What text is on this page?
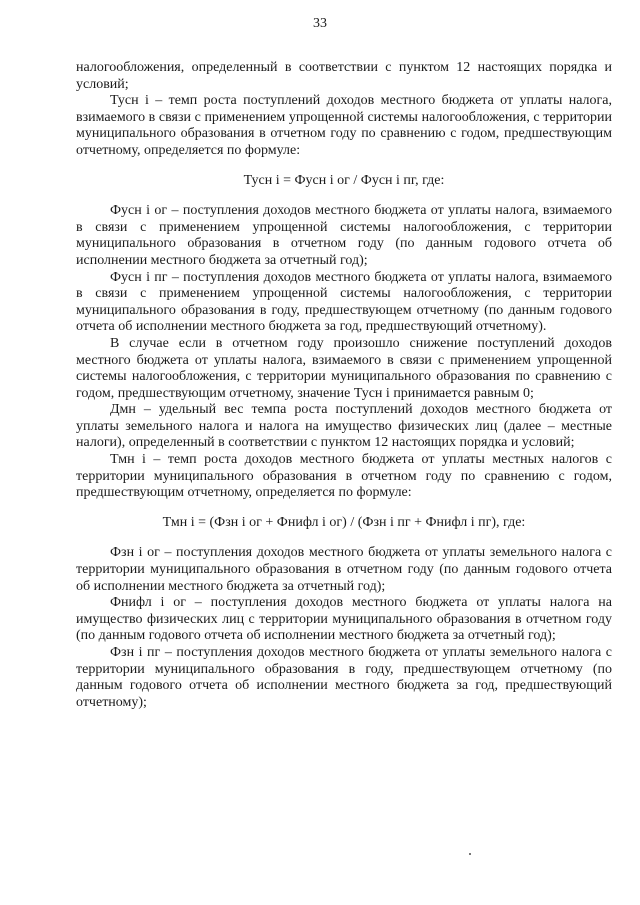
33

налогообложения, определенный в соответствии с пунктом 12 настоящих порядка и условий;

Тусн i – темп роста поступлений доходов местного бюджета от уплаты налога, взимаемого в связи с применением упрощенной системы налогообложения, с территории муниципального образования в отчетном году по сравнению с годом, предшествующим отчетному, определяется по формуле:

Тусн i = Фусн i ог / Фусн i пг, где:

Фусн i ог – поступления доходов местного бюджета от уплаты налога, взимаемого в связи с применением упрощенной системы налогообложения, с территории муниципального образования в отчетном году (по данным годового отчета об исполнении местного бюджета за отчетный год);

Фусн i пг – поступления доходов местного бюджета от уплаты налога, взимаемого в связи с применением упрощенной системы налогообложения, с территории муниципального образования в году, предшествующем отчетному (по данным годового отчета об исполнении местного бюджета за год, предшествующий отчетному).

В случае если в отчетном году произошло снижение поступлений доходов местного бюджета от уплаты налога, взимаемого в связи с применением упрощенной системы налогообложения, с территории муниципального образования по сравнению с годом, предшествующим отчетному, значение Тусн i принимается равным 0;

Дмн – удельный вес темпа роста поступлений доходов местного бюджета от уплаты земельного налога и налога на имущество физических лиц (далее – местные налоги), определенный в соответствии с пунктом 12 настоящих порядка и условий;

Тмн i – темп роста доходов местного бюджета от уплаты местных налогов с территории муниципального образования в отчетном году по сравнению с годом, предшествующим отчетному, определяется по формуле:

Тмн i = (Фзн i ог + Фнифл i ог) / (Фзн i пг + Фнифл i пг), где:

Фзн i ог – поступления доходов местного бюджета от уплаты земельного налога с территории муниципального образования в отчетном году (по данным годового отчета об исполнении местного бюджета за отчетный год);

Фнифл i ог – поступления доходов местного бюджета от уплаты налога на имущество физических лиц с территории муниципального образования в отчетном году (по данным годового отчета об исполнении местного бюджета за отчетный год);

Фзн i пг – поступления доходов местного бюджета от уплаты земельного налога с территории муниципального образования в году, предшествующем отчетному (по данным годового отчета об исполнении местного бюджета за год, предшествующий отчетному);
